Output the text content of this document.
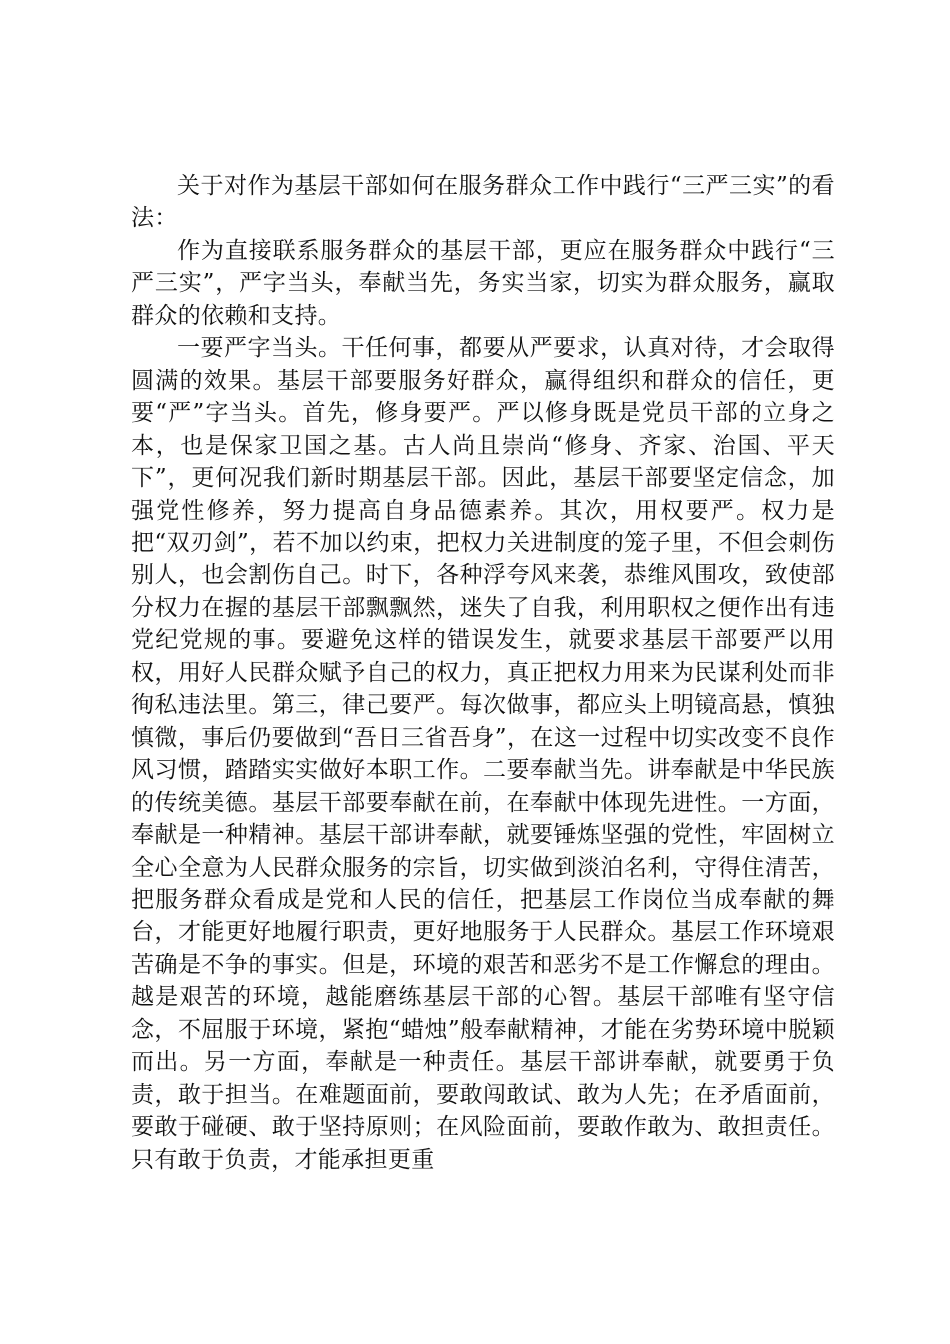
关于对作为基层干部如何在服务群众工作中践行“三严三实”的看法：

作为直接联系服务群众的基层干部，更应在服务群众中践行“三严三实”，严字当头，奉献当先，务实当家，切实为群众服务，赢取群众的依赖和支持。

一要严字当头。干任何事，都要从严要求，认真对待，才会取得圆满的效果。基层干部要服务好群众，赢得组织和群众的信任，更要“严”字当头。首先，修身要严。严以修身既是党员干部的立身之本，也是保家卫国之基。古人尚且崇尚“修身、齐家、治国、平天下”，更何况我们新时期基层干部。因此，基层干部要坚定信念，加强党性修养，努力提高自身品德素养。其次，用权要严。权力是把“双刃剑”，若不加以约束，把权力关进制度的笼子里，不但会刺伤别人，也会割伤自己。时下，各种浮夸风来袭，恭维风围攻，致使部分权力在握的基层干部飘飘然，迷失了自我，利用职权之便作出有违党纪党规的事。要避免这样的错误发生，就要求基层干部要严以用权，用好人民群众赋予自己的权力，真正把权力用来为民谋利处而非徇私违法里。第三，律己要严。每次做事，都应头上明镜高悬，慎独慎微，事后仍要做到“吾日三省吾身”，在这一过程中切实改变不良作风习惯，踏踏实实做好本职工作。二要奉献当先。讲奉献是中华民族的传统美德。基层干部要奉献在前，在奉献中体现先进性。一方面，奉献是一种精神。基层干部讲奉献，就要锤炼坚强的党性，牢固树立全心全意为人民群众服务的宗旨，切实做到淡泊名利，守得住清苦，把服务群众看成是党和人民的信任，把基层工作岗位当成奉献的舞台，才能更好地履行职责，更好地服务于人民群众。基层工作环境艰苦确是不争的事实。但是，环境的艰苦和恶劣不是工作懈怠的理由。越是艰苦的环境，越能磨练基层干部的心智。基层干部唯有坚守信念，不屈服于环境，紧抱“蜡烛”般奉献精神，才能在劣势环境中脱颖而出。另一方面，奉献是一种责任。基层干部讲奉献，就要勇于负责，敢于担当。在难题面前，要敢闯敢试、敢为人先；在矛盾面前，要敢于碰硬、敢于坚持原则；在风险面前，要敢作敢为、敢担责任。只有敢于负责，才能承担更重
